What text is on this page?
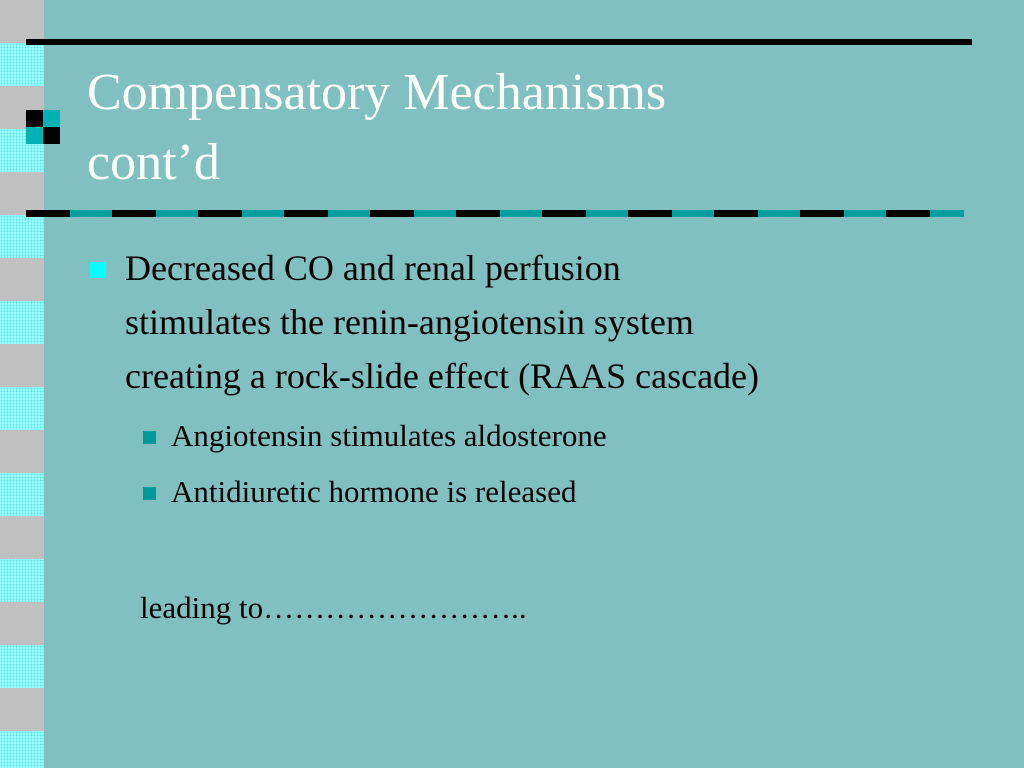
Compensatory Mechanisms
cont’d
Decreased CO and renal perfusion
stimulates the renin-angiotensin system
creating a rock-slide effect (RAAS cascade)
Angiotensin stimulates aldosterone
Antidiuretic hormone is released
leading to……………………..
